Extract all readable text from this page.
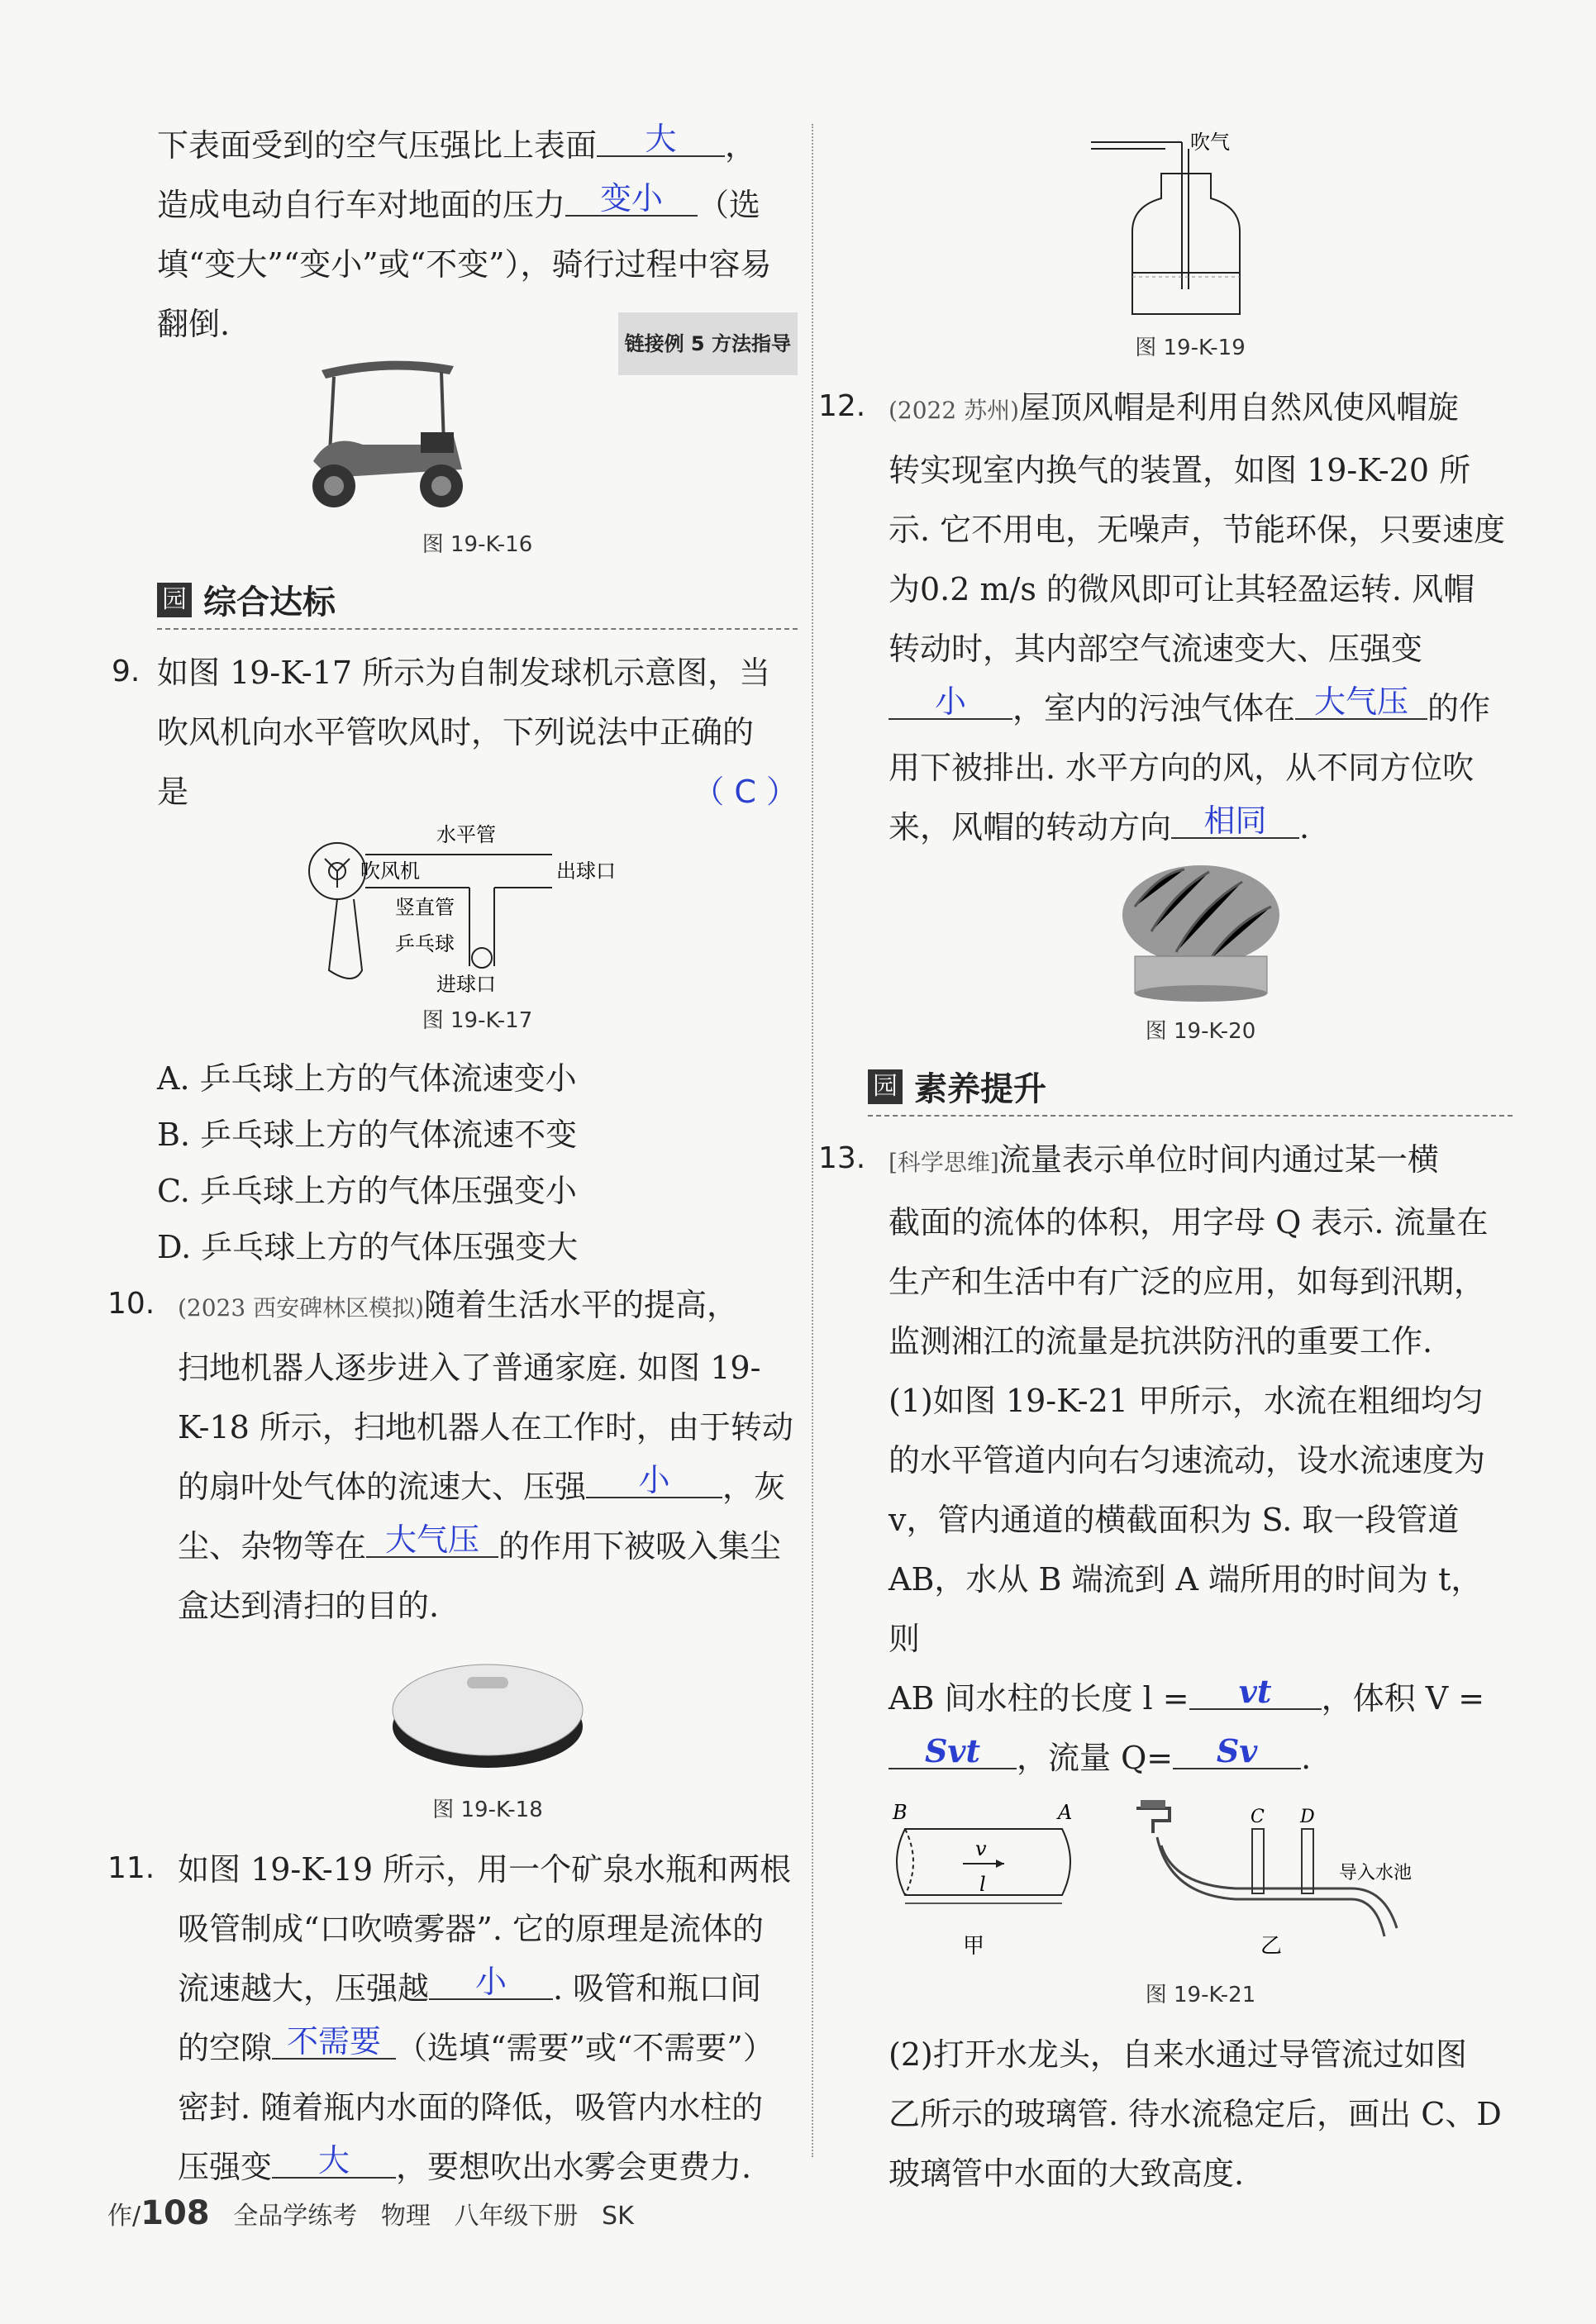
下表面受到的空气压强比上表面 大 ，

造成电动自行车对地面的压力 变小 （选

填“变大”“变小”或“不变”），骑行过程中容易

翻倒.
链接例 5 方法指导

图 19-K-16
园 综合达标
9. 如图 19-K-17 所示为自制发球机示意图，当

吹风机向水平管吹风时，下列说法中正确的

是	（ C ）

吹风机
水平管
出球口
竖直管
乒乓球
进球口
图 19-K-17
A. 乒乓球上方的气体流速变小
B. 乒乓球上方的气体流速不变
C. 乒乓球上方的气体压强变小
D. 乒乓球上方的气体压强变大
10. (2023 西安碑林区模拟)随着生活水平的提高，

扫地机器人逐步进入了普通家庭. 如图 19-

K-18 所示，扫地机器人在工作时，由于转动

的扇叶处气体的流速大、压强 小 ，灰

尘、杂物等在 大气压 的作用下被吸入集尘

盒达到清扫的目的.

图 19-K-18
11. 如图 19-K-19 所示，用一个矿泉水瓶和两根

吸管制成“口吹喷雾器”. 它的原理是流体的

流速越大，压强越 小 . 吸管和瓶口间

的空隙 不需要 （选填“需要”或“不需要”）

密封. 随着瓶内水面的降低，吸管内水柱的

压强变 大 ，要想吹出水雾会更费力.

吹气
图 19-K-19
12. (2022 苏州)屋顶风帽是利用自然风使风帽旋

转实现室内换气的装置，如图 19-K-20 所

示. 它不用电，无噪声，节能环保，只要速度

为0.2 m/s 的微风即可让其轻盈运转. 风帽

转动时，其内部空气流速变大、压强变

小 ，室内的污浊气体在 大气压 的作

用下被排出. 水平方向的风，从不同方位吹

来，风帽的转动方向 相同 .

图 19-K-20
园 素养提升
13. [科学思维]流量表示单位时间内通过某一横

截面的流体的体积，用字母 Q 表示. 流量在

生产和生活中有广泛的应用，如每到汛期，

监测湘江的流量是抗洪防汛的重要工作.

(1)如图 19-K-21 甲所示，水流在粗细均匀

的水平管道内向右匀速流动，设水流速度为

v，管内通道的横截面积为 S. 取一段管道

AB，水从 B 端流到 A 端所用的时间为 t，则

AB 间水柱的长度 l = vt ，体积 V =

Svt ，流量 Q= Sv .

B	A
v
l
甲
C D
导入水池
乙
图 19-K-21

(2)打开水龙头，自来水通过导管流过如图

乙所示的玻璃管. 待水流稳定后，画出 C、D

玻璃管中水面的大致高度.

作/108 全品学练考 物理 八年级下册 SK
